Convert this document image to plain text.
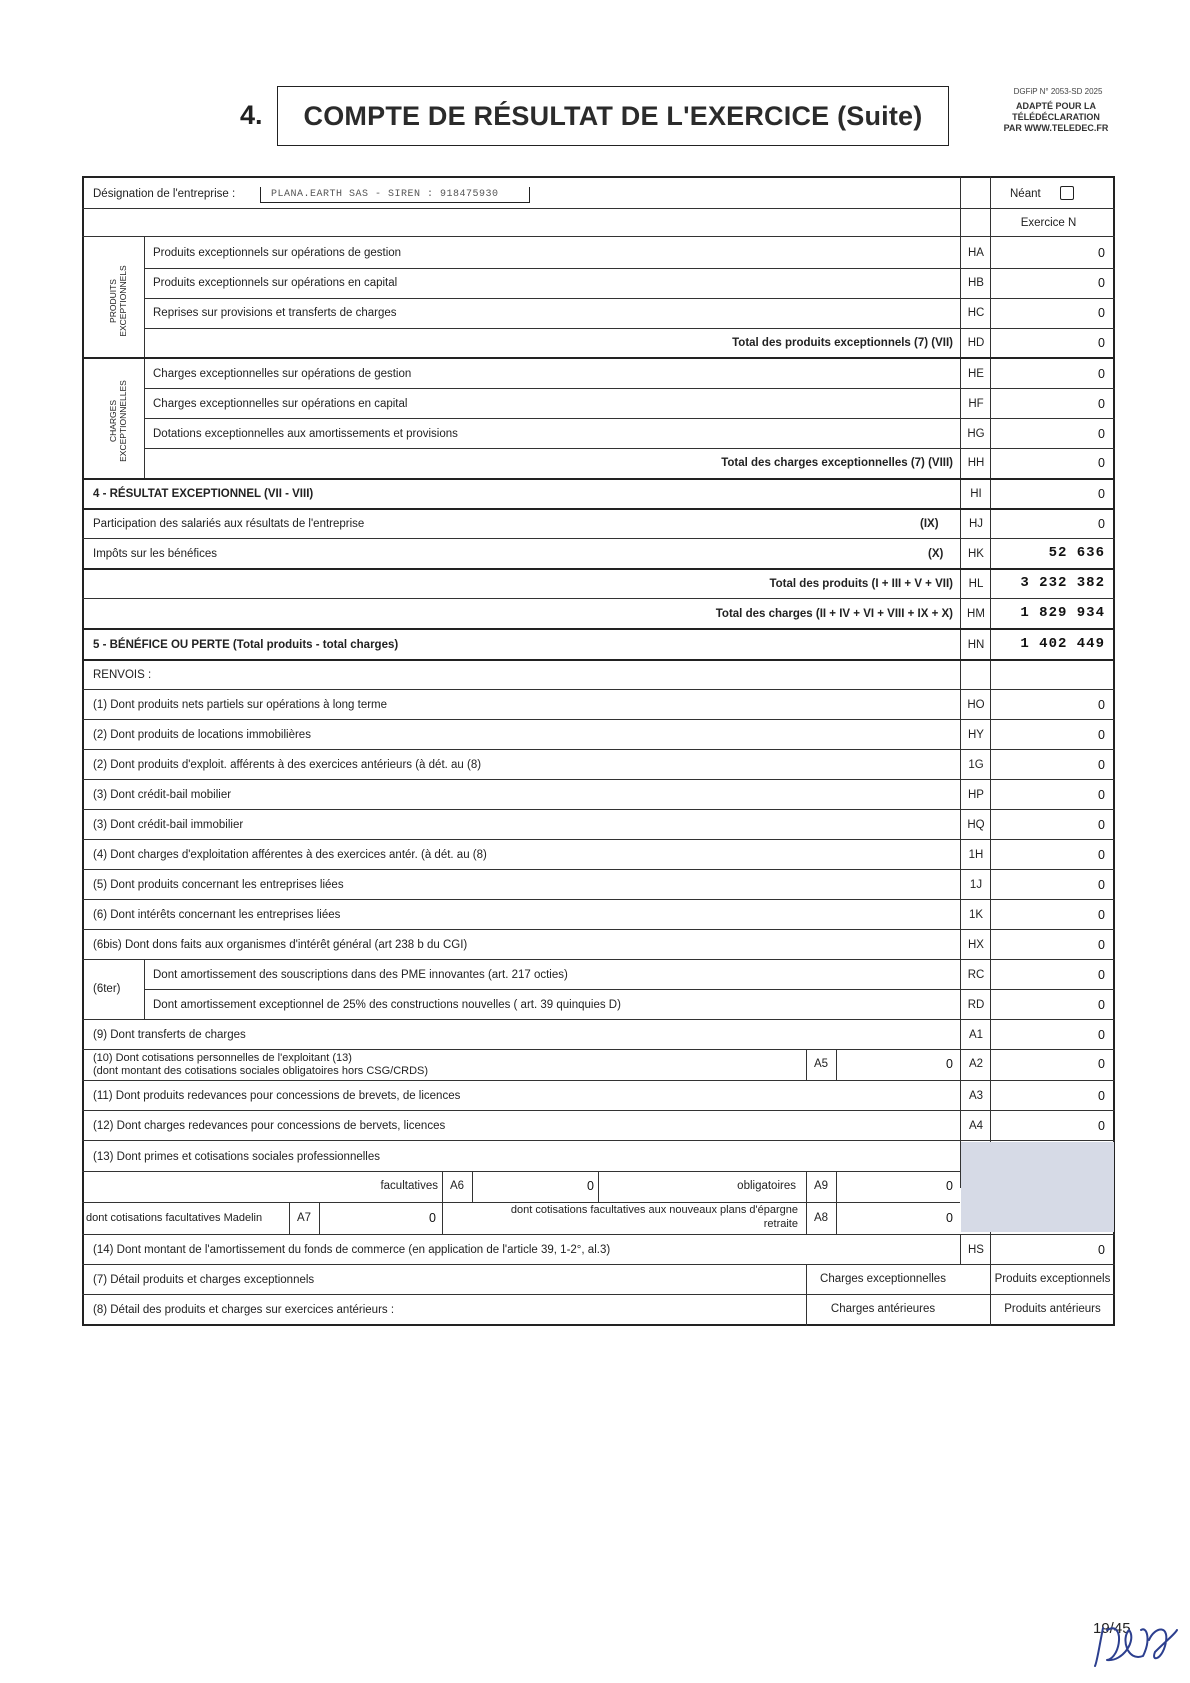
4. COMPTE DE RÉSULTAT DE L'EXERCICE (Suite)
DGFiP N° 2053-SD 2025
ADAPTÉ POUR LA
TÉLÉDÉCLARATION
PAR WWW.TELEDEC.FR
Désignation de l'entreprise :	PLANA.EARTH SAS - SIREN : 918475930	Néant
Exercice N
PRODUITS EXCEPTIONNELS
CHARGES EXCEPTIONNELLES
Produits exceptionnels sur opérations de gestion	HA	0
Produits exceptionnels sur opérations en capital	HB	0
Reprises sur provisions et transferts de charges	HC	0
Total des produits exceptionnels (7) (VII)	HD	0
Charges exceptionnelles sur opérations de gestion	HE	0
Charges exceptionnelles sur opérations en capital	HF	0
Dotations exceptionnelles aux amortissements et provisions	HG	0
Total des charges exceptionnelles (7) (VIII)	HH	0
4 - RÉSULTAT EXCEPTIONNEL (VII - VIII)	HI	0
Participation des salariés aux résultats de l'entreprise	(IX)	HJ	0
Impôts sur les bénéfices	(X)	HK	52 636
Total des produits (I + III + V + VII)	HL	3 232 382
Total des charges (II + IV + VI + VIII + IX + X)	HM	1 829 934
5 - BÉNÉFICE OU PERTE (Total produits - total charges)	HN	1 402 449
RENVOIS :
(1) Dont produits nets partiels sur opérations à long terme	HO	0
(2) Dont produits de locations immobilières	HY	0
(2) Dont produits d'exploit. afférents à des exercices antérieurs (à dét. au (8)	1G	0
(3) Dont crédit-bail mobilier	HP	0
(3) Dont crédit-bail immobilier	HQ	0
(4) Dont charges d'exploitation afférentes à des exercices antér. (à dét. au (8)	1H	0
(5) Dont produits concernant les entreprises liées	1J	0
(6) Dont intérêts concernant les entreprises liées	1K	0
(6bis) Dont dons faits aux organismes d'intérêt général (art 238 b du CGI)	HX	0
(6ter)
Dont amortissement des souscriptions dans des PME innovantes (art. 217 octies)	RC	0
Dont amortissement exceptionnel de 25% des constructions nouvelles ( art. 39 quinquies D)	RD	0
(9) Dont transferts de charges	A1	0
(10) Dont cotisations personnelles de l'exploitant (13)
(dont montant des cotisations sociales obligatoires hors CSG/CRDS)
A5	0	A2	0
(11) Dont produits redevances pour concessions de brevets, de licences	A3	0
(12) Dont charges redevances pour concessions de bervets, licences	A4	0
(13) Dont primes et cotisations sociales professionnelles
facultatives	A6	0	obligatoires	A9	0
dont cotisations facultatives Madelin	A7	0
dont cotisations facultatives aux nouveaux plans d'épargne
retraite	A8	0
(14) Dont montant de l'amortissement du fonds de commerce (en application de l'article 39, 1-2°, al.3)	HS	0
(7) Détail produits et charges exceptionnels	Charges exceptionnelles	Produits exceptionnels
(8) Détail des produits et charges sur exercices antérieurs :	Charges antérieures	Produits antérieurs
19/45
